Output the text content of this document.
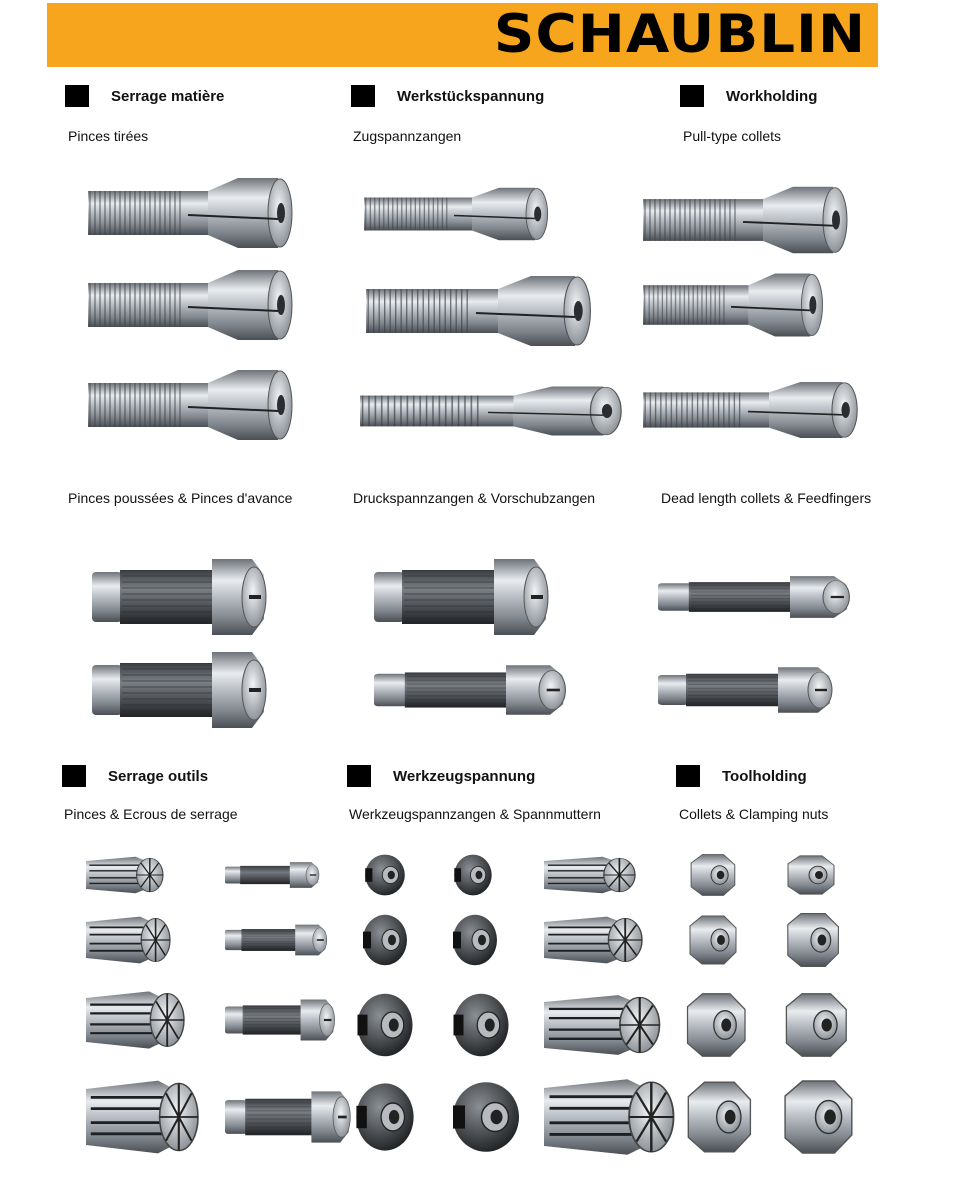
SCHAUBLIN
Serrage matière	Werkstückspannung	Workholding
Pinces tirées	Zugspannzangen	Pull-type collets
Pinces poussées & Pinces d'avance	Druckspannzangen & Vorschubzangen	Dead length collets & Feedfingers
Serrage outils	Werkzeugspannung	Toolholding
Pinces & Ecrous de serrage	Werkzeugspannzangen & Spannmuttern	Collets & Clamping nuts
